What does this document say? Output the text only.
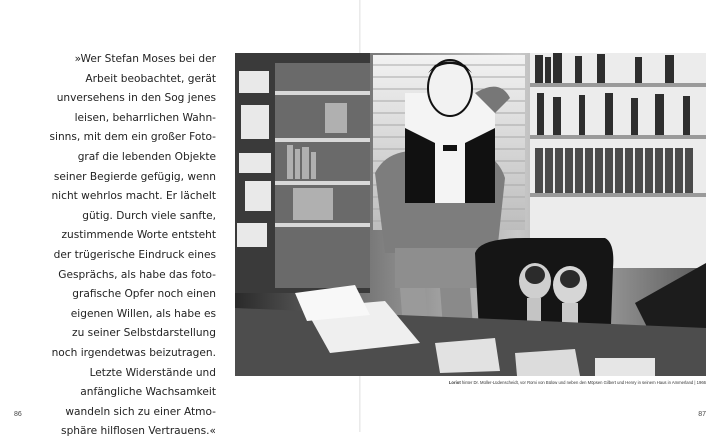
»Wer Stefan Moses bei der
Arbeit beobachtet, gerät
unversehens in den Sog jenes
leisen, beharrlichen Wahn-
sinns, mit dem ein großer Foto-
graf die lebenden Objekte
seiner Begierde gefügig, wenn
nicht wehrlos macht. Er lächelt
gütig. Durch viele sanfte,
zustimmende Worte entsteht
der trügerische Eindruck eines
Gesprächs, als habe das foto-
grafische Opfer noch einen
eigenen Willen, als habe es
zu seiner Selbstdarstellung
noch irgendetwas beizutragen.
Letzte Widerstände und
anfängliche Wachsamkeit
wandeln sich zu einer Atmo-
sphäre hilflosen Vertrauens.«

86
Loriot hinter Dr. Müller-Lüdenscheidt, vor Romi von Bülow und neben den Möpsen Gilbert und Henry in seinem Haus in Ammerland | 1966
87
